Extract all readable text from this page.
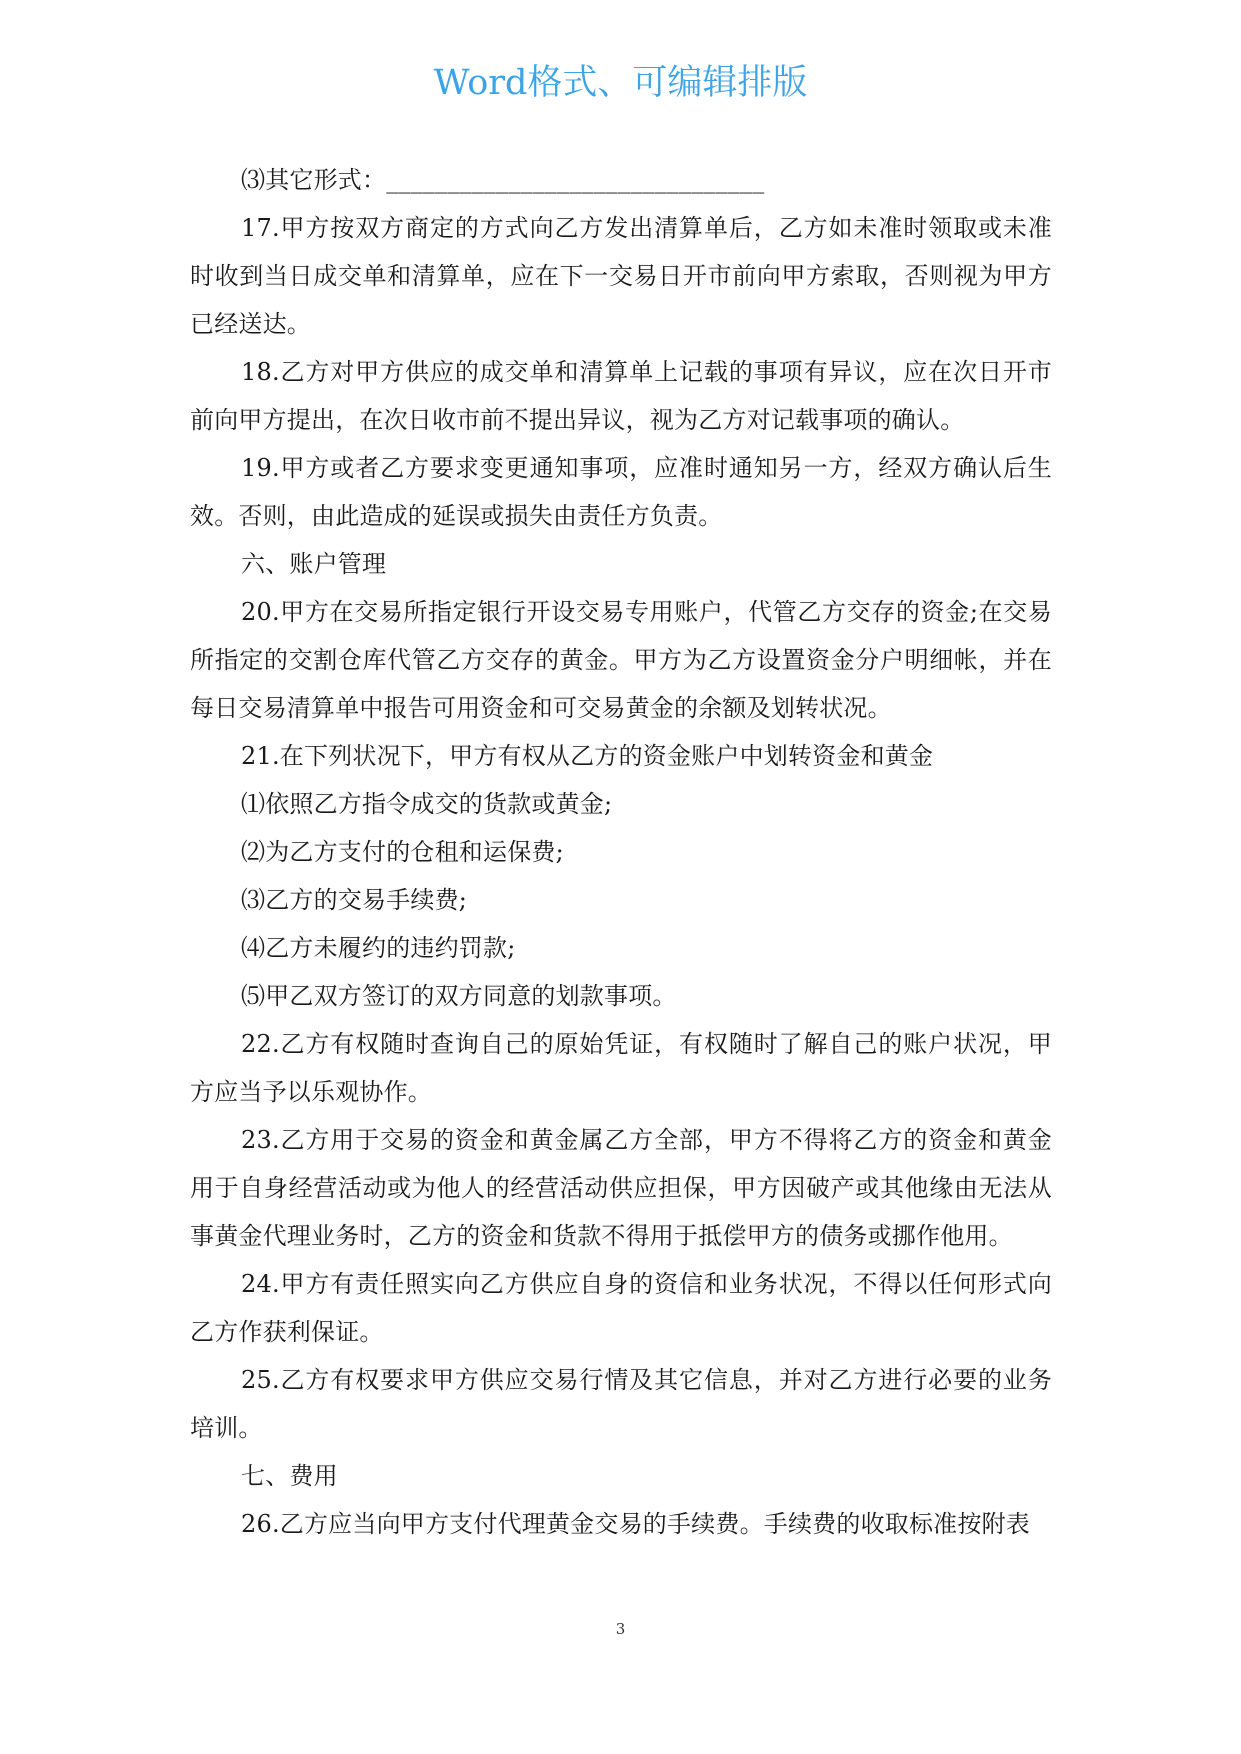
Word格式、可编辑排版

⑶其它形式：_______________________________

17.甲方按双方商定的方式向乙方发出清算单后，乙方如未准时领取或未准时收到当日成交单和清算单，应在下一交易日开市前向甲方索取，否则视为甲方已经送达。

18.乙方对甲方供应的成交单和清算单上记载的事项有异议，应在次日开市前向甲方提出，在次日收市前不提出异议，视为乙方对记载事项的确认。

19.甲方或者乙方要求变更通知事项，应准时通知另一方，经双方确认后生效。否则，由此造成的延误或损失由责任方负责。

六、账户管理

20.甲方在交易所指定银行开设交易专用账户，代管乙方交存的资金;在交易所指定的交割仓库代管乙方交存的黄金。甲方为乙方设置资金分户明细帐，并在每日交易清算单中报告可用资金和可交易黄金的余额及划转状况。

21.在下列状况下，甲方有权从乙方的资金账户中划转资金和黄金

⑴依照乙方指令成交的货款或黄金;

⑵为乙方支付的仓租和运保费;

⑶乙方的交易手续费;

⑷乙方未履约的违约罚款;

⑸甲乙双方签订的双方同意的划款事项。

22.乙方有权随时查询自己的原始凭证，有权随时了解自己的账户状况，甲方应当予以乐观协作。

23.乙方用于交易的资金和黄金属乙方全部，甲方不得将乙方的资金和黄金用于自身经营活动或为他人的经营活动供应担保，甲方因破产或其他缘由无法从事黄金代理业务时，乙方的资金和货款不得用于抵偿甲方的债务或挪作他用。

24.甲方有责任照实向乙方供应自身的资信和业务状况，不得以任何形式向乙方作获利保证。

25.乙方有权要求甲方供应交易行情及其它信息，并对乙方进行必要的业务培训。

七、费用

26.乙方应当向甲方支付代理黄金交易的手续费。手续费的收取标准按附表

3
